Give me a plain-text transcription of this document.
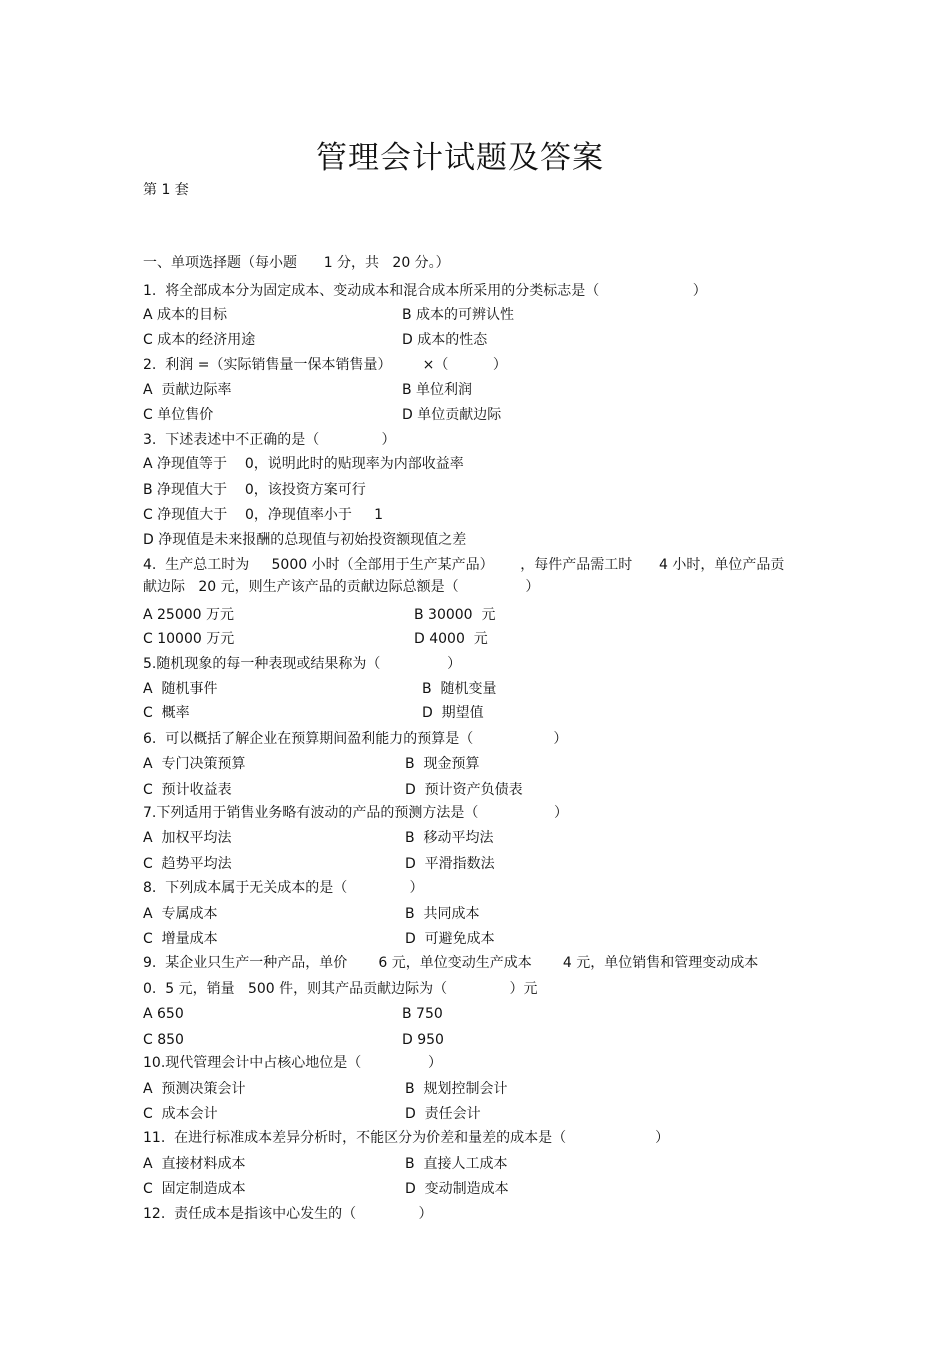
管理会计试题及答案
第 1 套
一、单项选择题（每小题      1 分，共   20 分。）
1.  将全部成本分为固定成本、变动成本和混合成本所采用的分类标志是（                     ）
A 成本的目标	B 成本的可辨认性
C 成本的经济用途	D 成本的性态
2.  利润 =（实际销售量一保本销售量）       ×（          ）
A  贡献边际率	B 单位利润
C 单位售价	D 单位贡献边际
3.  下述表述中不正确的是（              ）
A 净现值等于    0，说明此时的贴现率为内部收益率
B 净现值大于    0，该投资方案可行
C 净现值大于    0，净现值率小于     1
D 净现值是未来报酬的总现值与初始投资额现值之差
4.  生产总工时为     5000 小时（全部用于生产某产品）      ，每件产品需工时      4 小时，单位产品贡
献边际   20 元，则生产该产品的贡献边际总额是（               ）
A 25000 万元	B 30000  元
C 10000 万元	D 4000  元
5.随机现象的每一种表现或结果称为（               ）
A  随机事件	B  随机变量
C  概率	D  期望值
6.  可以概括了解企业在预算期间盈利能力的预算是（                  ）
A  专门决策预算	B  现金预算
C  预计收益表	D  预计资产负债表
7.下列适用于销售业务略有波动的产品的预测方法是（                 ）
A  加权平均法	B  移动平均法
C  趋势平均法	D  平滑指数法
8.  下列成本属于无关成本的是（              ）
A  专属成本	B  共同成本
C  增量成本	D  可避免成本
9.  某企业只生产一种产品，单价       6 元，单位变动生产成本       4 元，单位销售和管理变动成本
0.  5 元，销量   500 件，则其产品贡献边际为（              ）元
A 650	B 750
C 850	D 950
10.现代管理会计中占核心地位是（               ）
A  预测决策会计	B  规划控制会计
C  成本会计	D  责任会计
11.  在进行标准成本差异分析时，不能区分为价差和量差的成本是（                    ）
A  直接材料成本	B  直接人工成本
C  固定制造成本	D  变动制造成本
12.  责任成本是指该中心发生的（              ）
